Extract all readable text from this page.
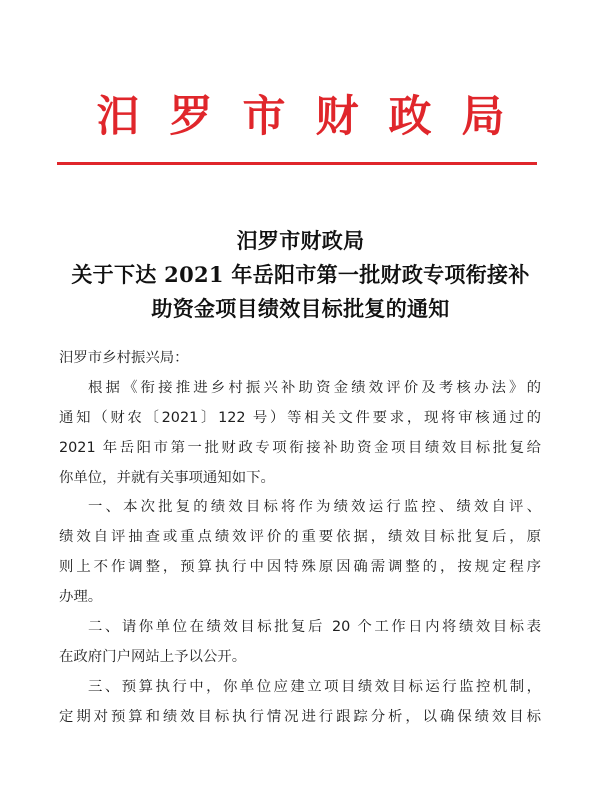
汨罗市财政局
汨罗市财政局
关于下达 2021 年岳阳市第一批财政专项衔接补
助资金项目绩效目标批复的通知
汨罗市乡村振兴局：
根据《衔接推进乡村振兴补助资金绩效评价及考核办法》的
通知（财农〔2021〕122 号）等相关文件要求，现将审核通过的
2021 年岳阳市第一批财政专项衔接补助资金项目绩效目标批复给
你单位，并就有关事项通知如下。
一、本次批复的绩效目标将作为绩效运行监控、绩效自评、
绩效自评抽查或重点绩效评价的重要依据，绩效目标批复后，原
则上不作调整，预算执行中因特殊原因确需调整的，按规定程序
办理。
二、请你单位在绩效目标批复后 20 个工作日内将绩效目标表
在政府门户网站上予以公开。
三、预算执行中，你单位应建立项目绩效目标运行监控机制，
定期对预算和绩效目标执行情况进行跟踪分析，以确保绩效目标
